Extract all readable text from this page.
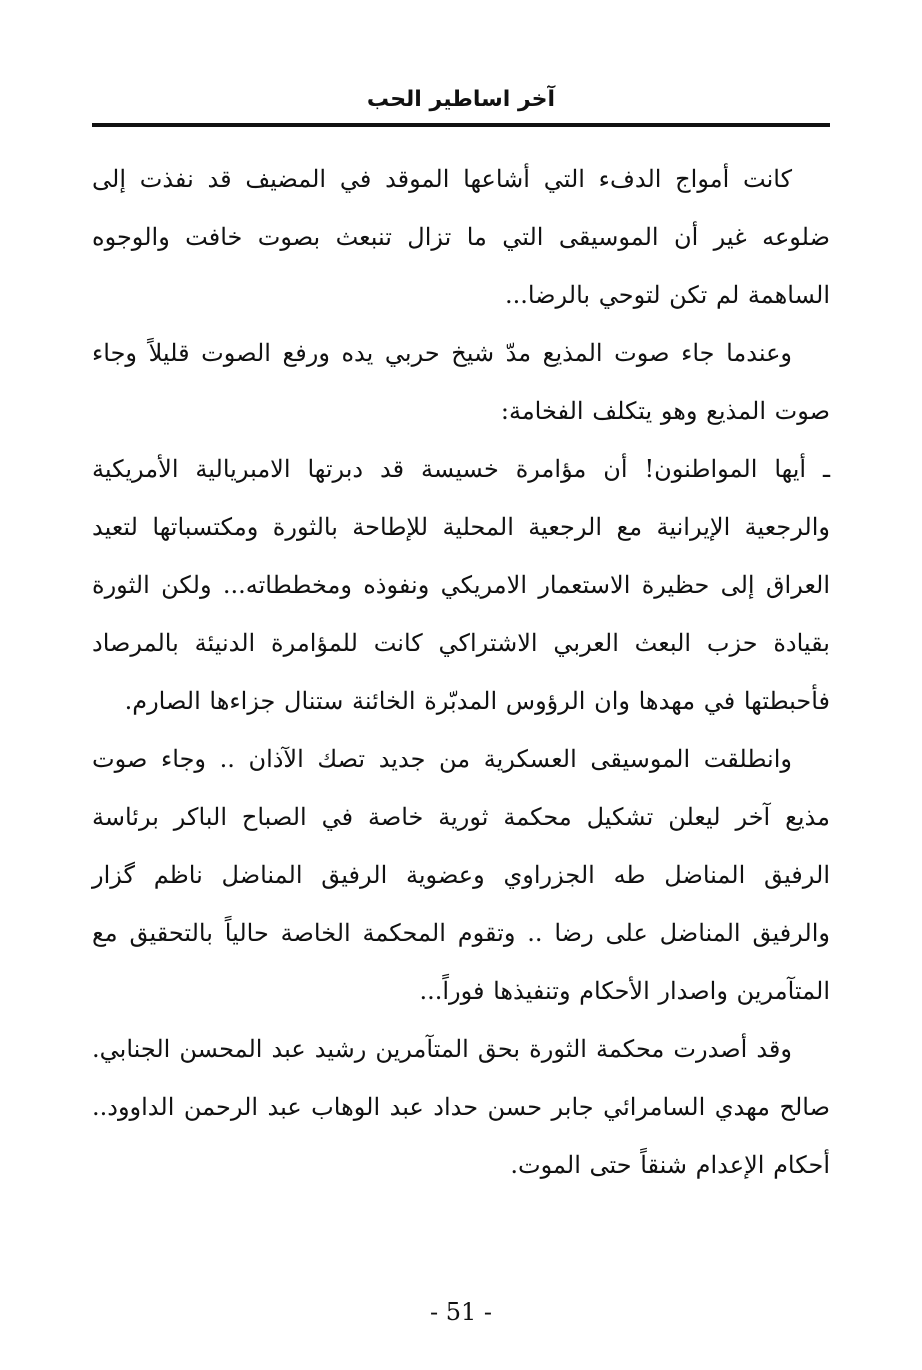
آخر اساطير الحب

كانت أمواج الدفء التي أشاعها الموقد في المضيف قد نفذت إلى ضلوعه غير أن الموسيقى التي ما تزال تنبعث بصوت خافت والوجوه الساهمة لم تكن لتوحي بالرضا...

وعندما جاء صوت المذيع مدّ شيخ حربي يده ورفع الصوت قليلاً وجاء صوت المذيع وهو يتكلف الفخامة:

ـ أيها المواطنون! أن مؤامرة خسيسة قد دبرتها الامبريالية الأمريكية والرجعية الإيرانية مع الرجعية المحلية للإطاحة بالثورة ومكتسباتها لتعيد العراق إلى حظيرة الاستعمار الامريكي ونفوذه ومخططاته... ولكن الثورة بقيادة حزب البعث العربي الاشتراكي كانت للمؤامرة الدنيئة بالمرصاد فأحبطتها في مهدها وان الرؤوس المدبّرة الخائنة ستنال جزاءها الصارم.

وانطلقت الموسيقى العسكرية من جديد تصك الآذان .. وجاء صوت مذيع آخر ليعلن تشكيل محكمة ثورية خاصة في الصباح الباكر برئاسة الرفيق المناضل طه الجزراوي وعضوية الرفيق المناضل ناظم گزار والرفيق المناضل على رضا .. وتقوم المحكمة الخاصة حالياً بالتحقيق مع المتآمرين واصدار الأحكام وتنفيذها فوراً...

وقد أصدرت محكمة الثورة بحق المتآمرين رشيد عبد المحسن الجنابي. صالح مهدي السامرائي جابر حسن حداد عبد الوهاب عبد الرحمن الداوود.. أحكام الإعدام شنقاً حتى الموت.

- 51 -
